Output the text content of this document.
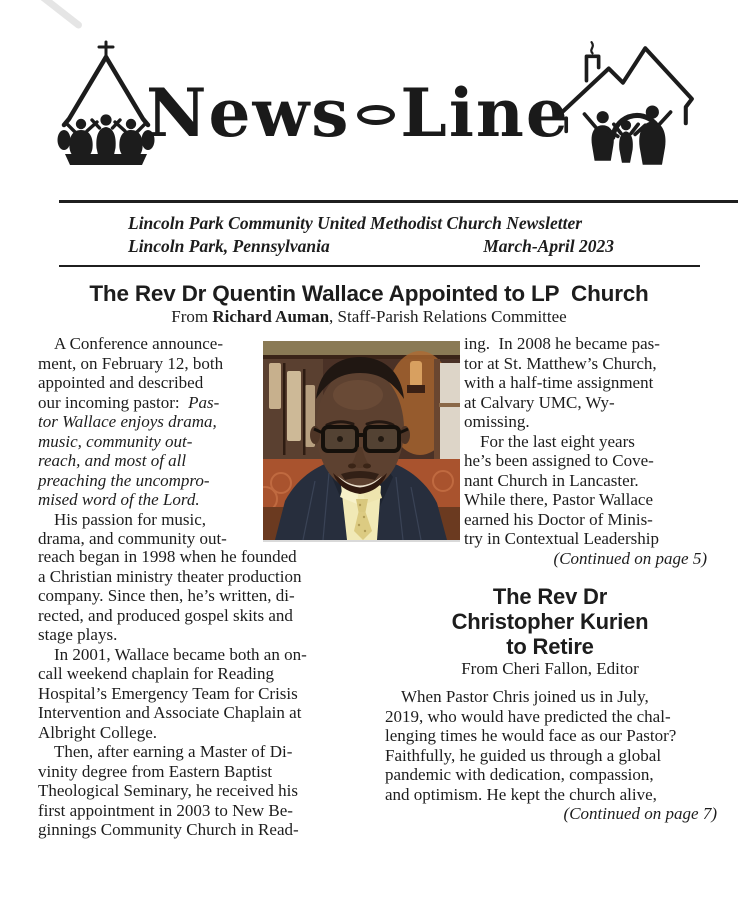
News Line
Lincoln Park Community United Methodist Church Newsletter
Lincoln Park, Pennsylvania	March-April 2023
The Rev Dr Quentin Wallace Appointed to LP  Church
From Richard Auman, Staff-Parish Relations Committee
A Conference announce-
ment, on February 12, both
appointed and described
our incoming pastor:  Pas-
tor Wallace enjoys drama,
music, community out-
reach, and most of all
preaching the uncompro-
mised word of the Lord.
His passion for music,
drama, and community out-
reach began in 1998 when he founded
a Christian ministry theater production
company. Since then, he’s written, di-
rected, and produced gospel skits and
stage plays.
In 2001, Wallace became both an on-
call weekend chaplain for Reading
Hospital’s Emergency Team for Crisis
Intervention and Associate Chaplain at
Albright College.
Then, after earning a Master of Di-
vinity degree from Eastern Baptist
Theological Seminary, he received his
first appointment in 2003 to New Be-
ginnings Community Church in Read-
ing.  In 2008 he became pas-
tor at St. Matthew’s Church,
with a half-time assignment
at Calvary UMC, Wy-
omissing.
For the last eight years
he’s been assigned to Cove-
nant Church in Lancaster.
While there, Pastor Wallace
earned his Doctor of Minis-
try in Contextual Leadership
(Continued on page 5)
The Rev Dr
Christopher Kurien
to Retire
From Cheri Fallon, Editor
When Pastor Chris joined us in July,
2019, who would have predicted the chal-
lenging times he would face as our Pastor?
Faithfully, he guided us through a global
pandemic with dedication, compassion,
and optimism. He kept the church alive,
(Continued on page 7)
